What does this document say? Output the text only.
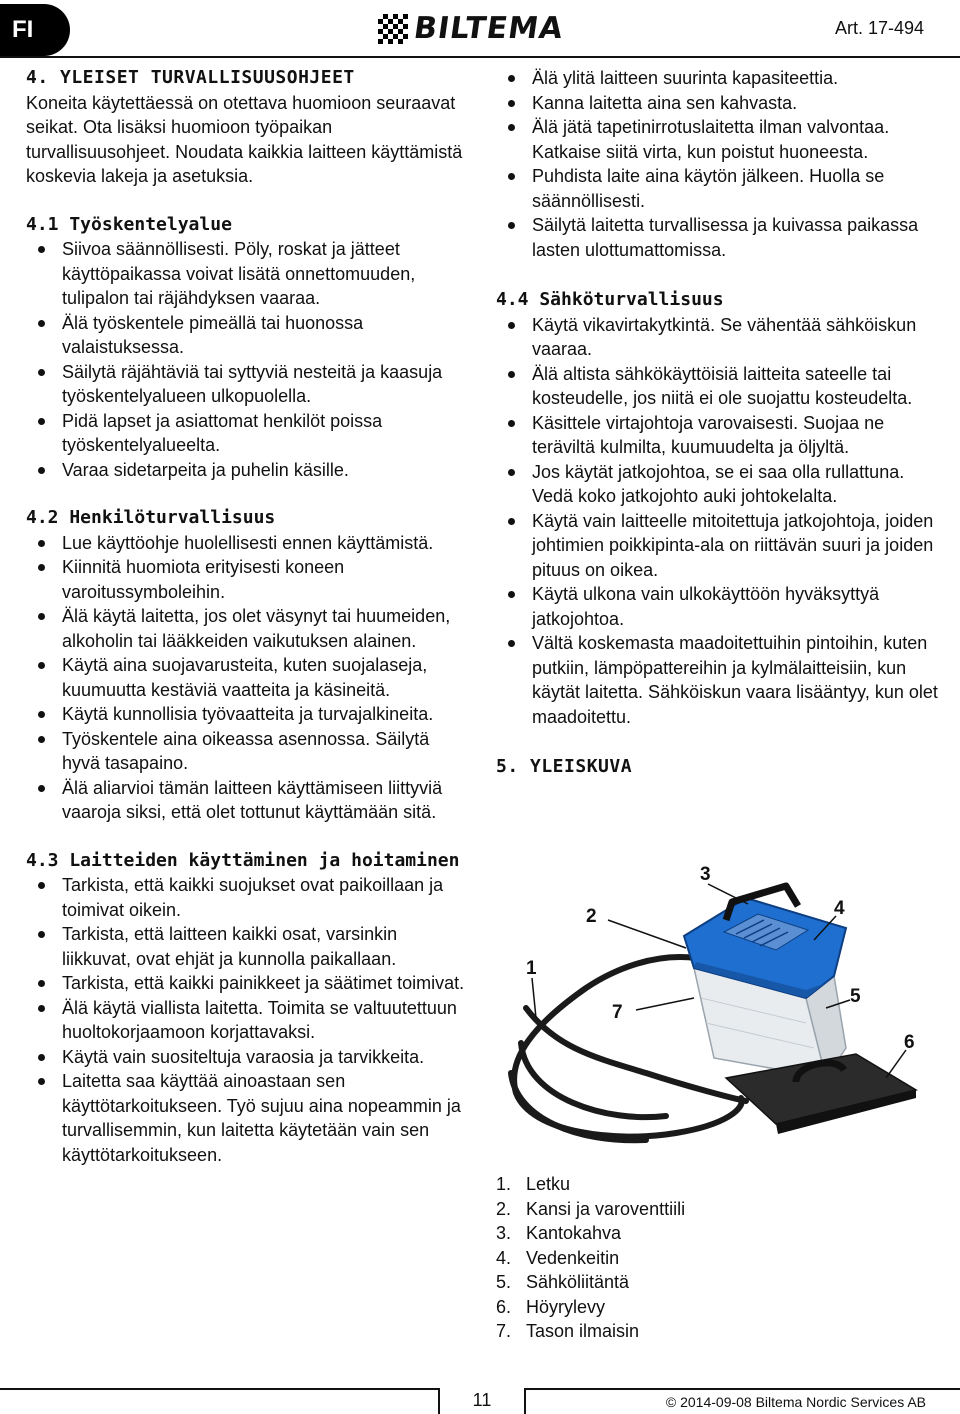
FI	BILTEMA	Art. 17-494
4. YLEISET TURVALLISUUSOHJEET

Koneita käytettäessä on otettava huomioon seuraavat seikat. Ota lisäksi huomioon työpaikan turvallisuusohjeet. Noudata kaikkia laitteen käyttämistä koskevia lakeja ja asetuksia.

4.1 Työskentelyalue
Siivoa säännöllisesti. Pöly, roskat ja jätteet käyttöpaikassa voivat lisätä onnettomuuden, tulipalon tai räjähdyksen vaaraa.
Älä työskentele pimeällä tai huonossa valaistuksessa.
Säilytä räjähtäviä tai syttyviä nesteitä ja kaasuja työskentelyalueen ulkopuolella.
Pidä lapset ja asiattomat henkilöt poissa työskentelyalueelta.
Varaa sidetarpeita ja puhelin käsille.
4.2 Henkilöturvallisuus
Lue käyttöohje huolellisesti ennen käyttämistä.
Kiinnitä huomiota erityisesti koneen varoitussymboleihin.
Älä käytä laitetta, jos olet väsynyt tai huumeiden, alkoholin tai lääkkeiden vaikutuksen alainen.
Käytä aina suojavarusteita, kuten suojalaseja, kuumuutta kestäviä vaatteita ja käsineitä.
Käytä kunnollisia työvaatteita ja turvajalkineita.
Työskentele aina oikeassa asennossa. Säilytä hyvä tasapaino.
Älä aliarvioi tämän laitteen käyttämiseen liittyviä vaaroja siksi, että olet tottunut käyttämään sitä.
4.3 Laitteiden käyttäminen ja hoitaminen
Tarkista, että kaikki suojukset ovat paikoillaan ja toimivat oikein.
Tarkista, että laitteen kaikki osat, varsinkin liikkuvat, ovat ehjät ja kunnolla paikallaan.
Tarkista, että kaikki painikkeet ja säätimet toimivat.
Älä käytä viallista laitetta. Toimita se valtuutettuun huoltokorjaamoon korjattavaksi.
Käytä vain suositeltuja varaosia ja tarvikkeita.
Laitetta saa käyttää ainoastaan sen käyttötarkoitukseen. Työ sujuu aina nopeammin ja turvallisemmin, kun laitetta käytetään vain sen käyttötarkoitukseen.
Älä ylitä laitteen suurinta kapasiteettia.
Kanna laitetta aina sen kahvasta.
Älä jätä tapetinirrotuslaitetta ilman valvontaa. Katkaise siitä virta, kun poistut huoneesta.
Puhdista laite aina käytön jälkeen. Huolla se säännöllisesti.
Säilytä laitetta turvallisessa ja kuivassa paikassa lasten ulottumattomissa.
4.4 Sähköturvallisuus
Käytä vikavirtakytkintä. Se vähentää sähköiskun vaaraa.
Älä altista sähkökäyttöisiä laitteita sateelle tai kosteudelle, jos niitä ei ole suojattu kosteudelta.
Käsittele virtajohtoja varovaisesti. Suojaa ne teräviltä kulmilta, kuumuudelta ja öljyltä.
Jos käytät jatkojohtoa, se ei saa olla rullattuna. Vedä koko jatkojohto auki johtokelalta.
Käytä vain laitteelle mitoitettuja jatkojohtoja, joiden johtimien poikkipinta-ala on riittävän suuri ja joiden pituus on oikea.
Käytä ulkona vain ulkokäyttöön hyväksyttyä jatkojohtoa.
Vältä koskemasta maadoitettuihin pintoihin, kuten putkiin, lämpöpattereihin ja kylmälaitteisiin, kun käytät laitetta. Sähköiskun vaara lisääntyy, kun olet maadoitettu.
5. YLEISKUVA
1
2
3
4
5
6
7
1. Letku
2. Kansi ja varoventtiili
3. Kantokahva
4. Vedenkeitin
5. Sähköliitäntä
6. Höyrylevy
7. Tason ilmaisin
11	© 2014-09-08 Biltema Nordic Services AB
